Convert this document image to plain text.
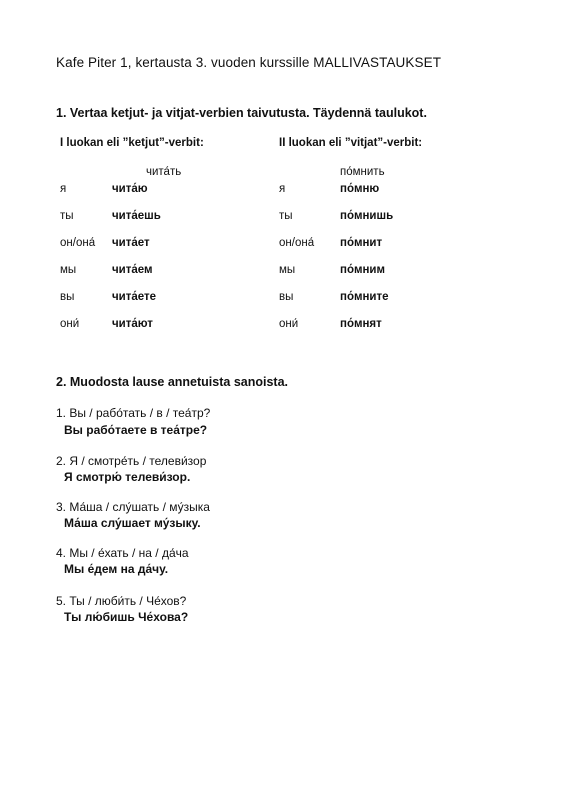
Kafe Piter 1, kertausta 3. vuoden kurssille MALLIVASTAUKSET
1. Vertaa ketjut- ja vitjat-verbien taivutusta. Täydennä taulukot.
I luokan eli ”ketjut”-verbit:	II luokan eli ”vitjat”-verbit:
чита́ть	по́мнить
я	чита́ю	я	по́мню
ты	чита́ешь	ты	по́мнишь
он/она́ чита́ет	он/она́ по́мнит
мы	чита́ем	мы	по́мним
вы	чита́ете	вы	по́мните
они́	чита́ют	они́	по́мнят
2. Muodosta lause annetuista sanoista.
1. Вы / рабо́тать / в / теа́тр?
Вы рабо́таете в теа́тре?
2. Я / смотре́ть / телеви́зор
Я смотрю́ телеви́зор.
3. Ма́ша / слу́шать / му́зыка
Ма́ша слу́шает му́зыку.
4. Мы / е́хать / на / да́ча
Мы е́дем на да́чу.
5. Ты / люби́ть / Че́хов?
Ты лю́бишь Че́хова?
